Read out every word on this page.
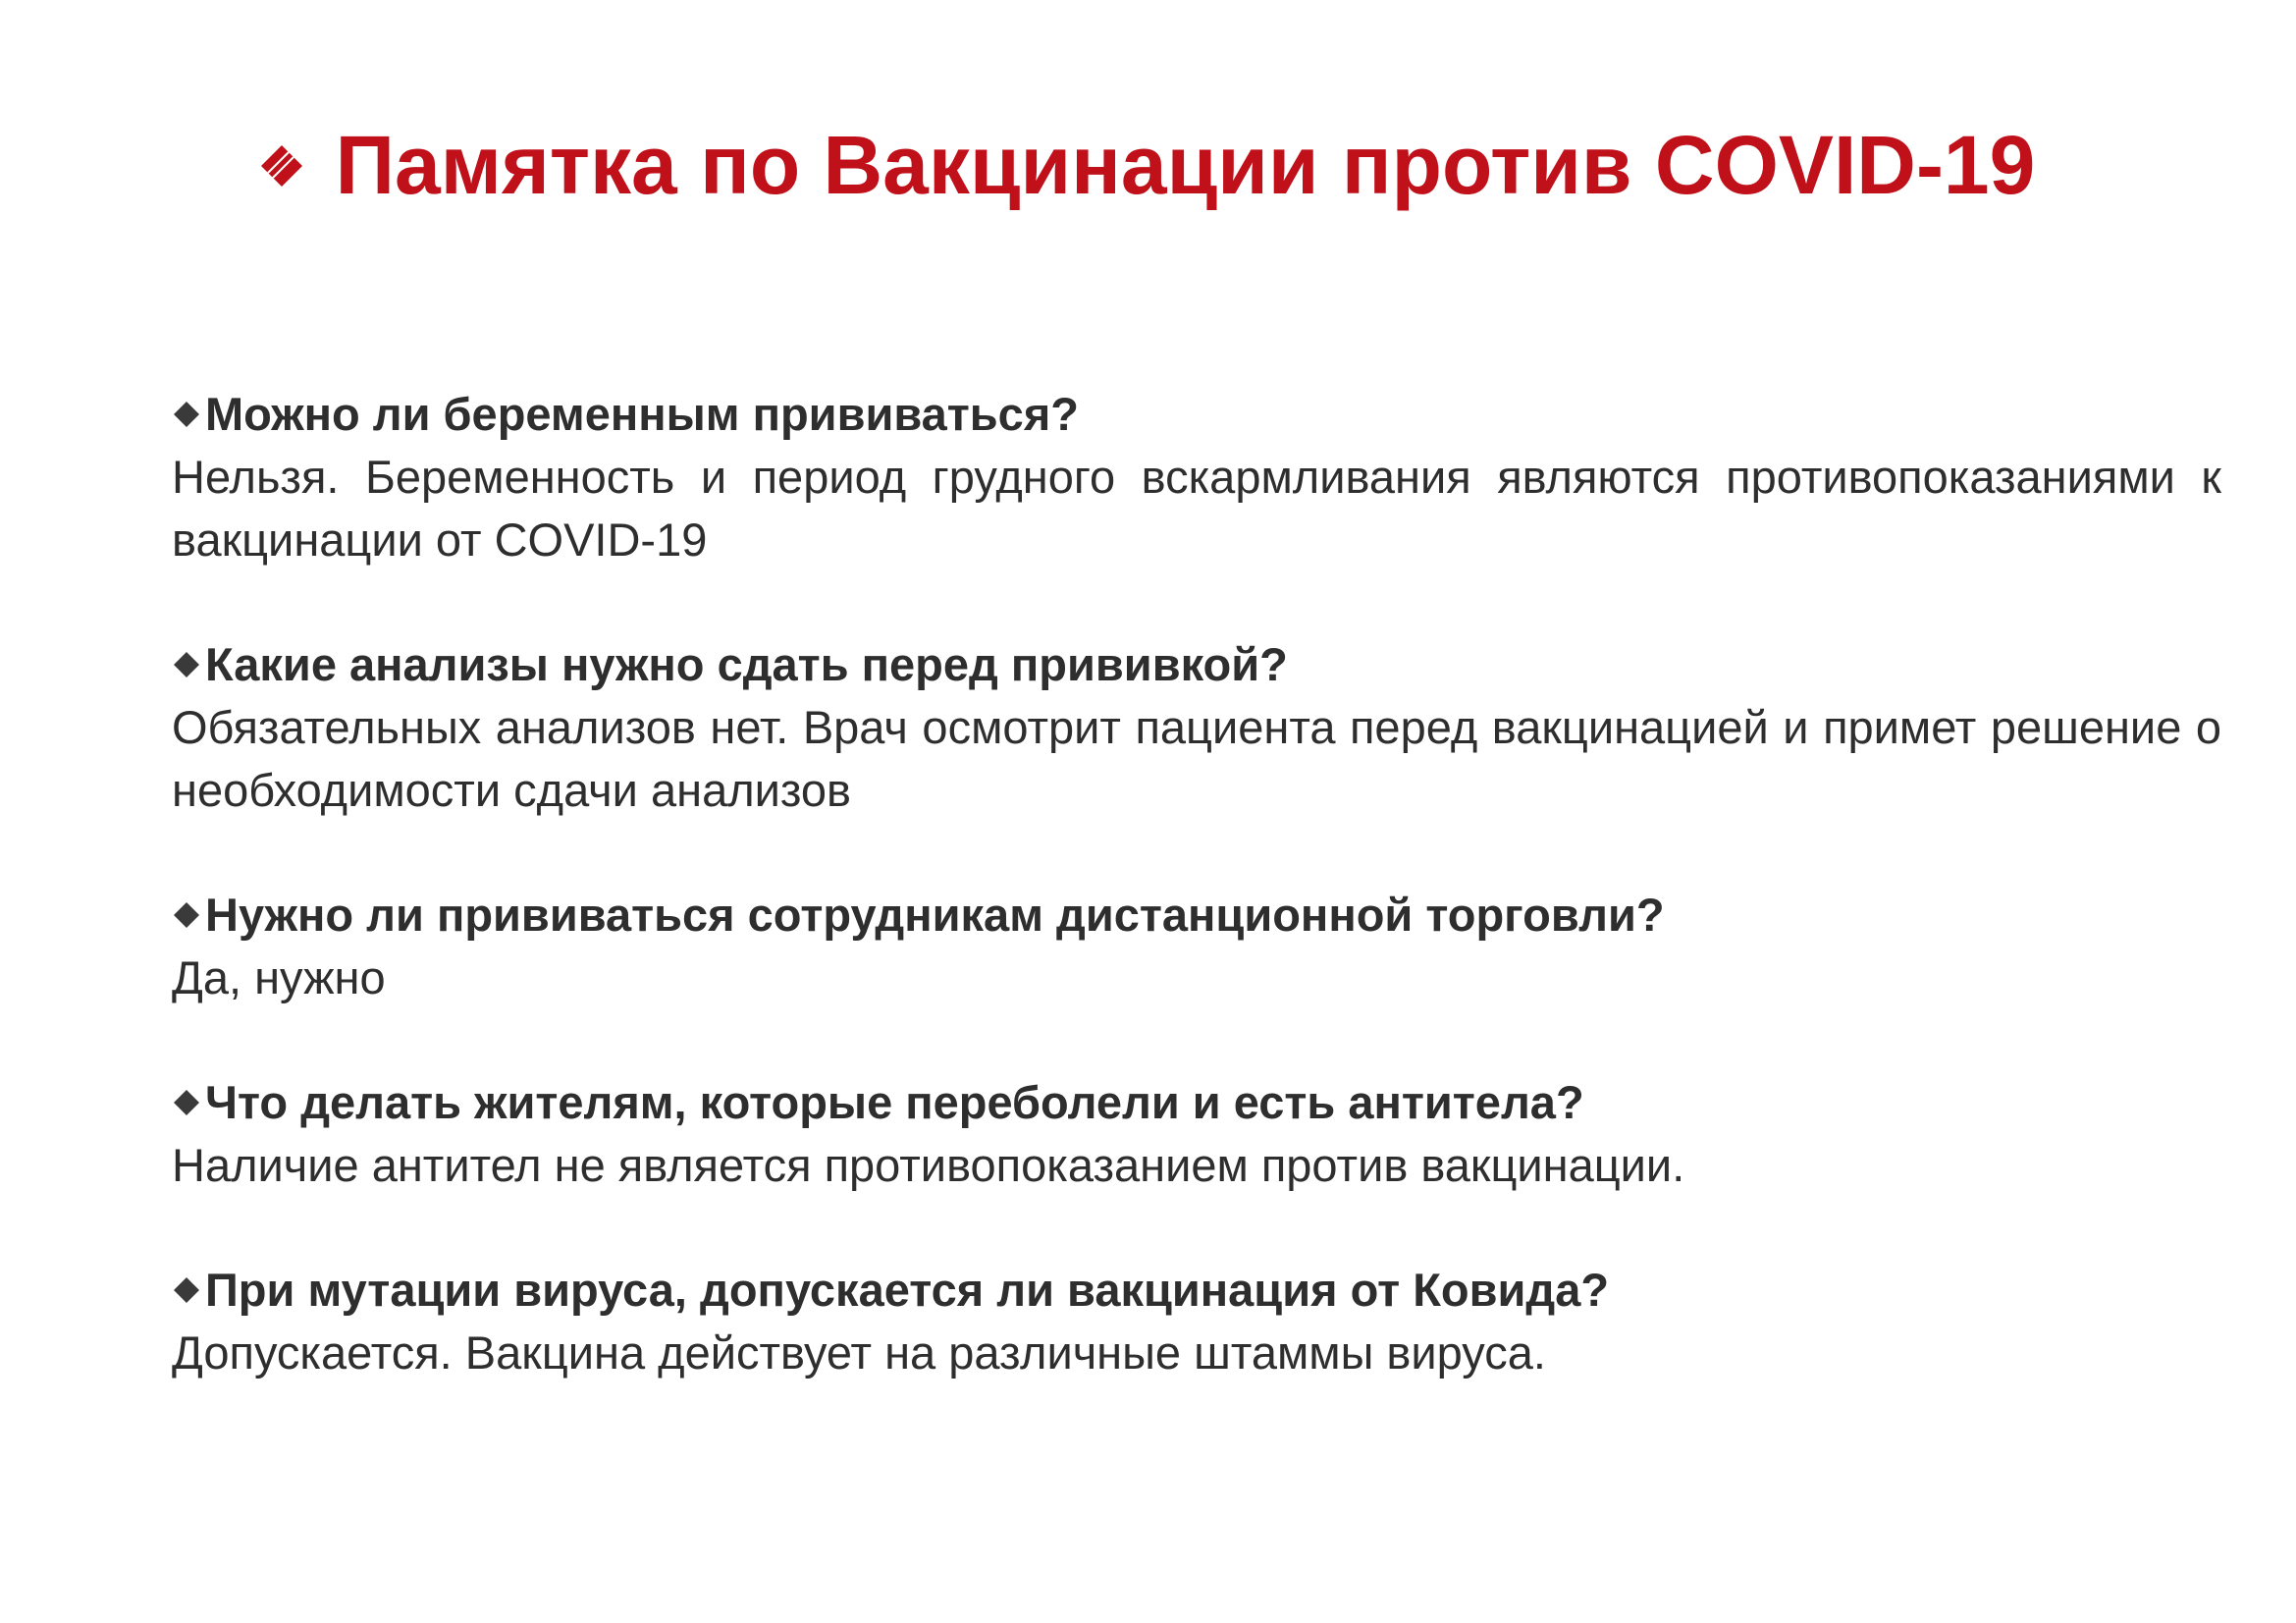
Памятка по Вакцинации против COVID-19
Можно ли беременным прививаться?
Нельзя. Беременность и период грудного вскармливания являются противопоказаниями к вакцинации от COVID-19
Какие анализы нужно сдать перед прививкой?
Обязательных анализов нет. Врач осмотрит пациента перед вакцинацией и примет решение о необходимости сдачи анализов
Нужно ли прививаться сотрудникам дистанционной торговли?
Да, нужно
Что делать жителям, которые переболели и есть антитела?
Наличие антител не является противопоказанием против вакцинации.
При мутации вируса, допускается ли вакцинация от Ковида?
Допускается. Вакцина действует на различные штаммы вируса.
